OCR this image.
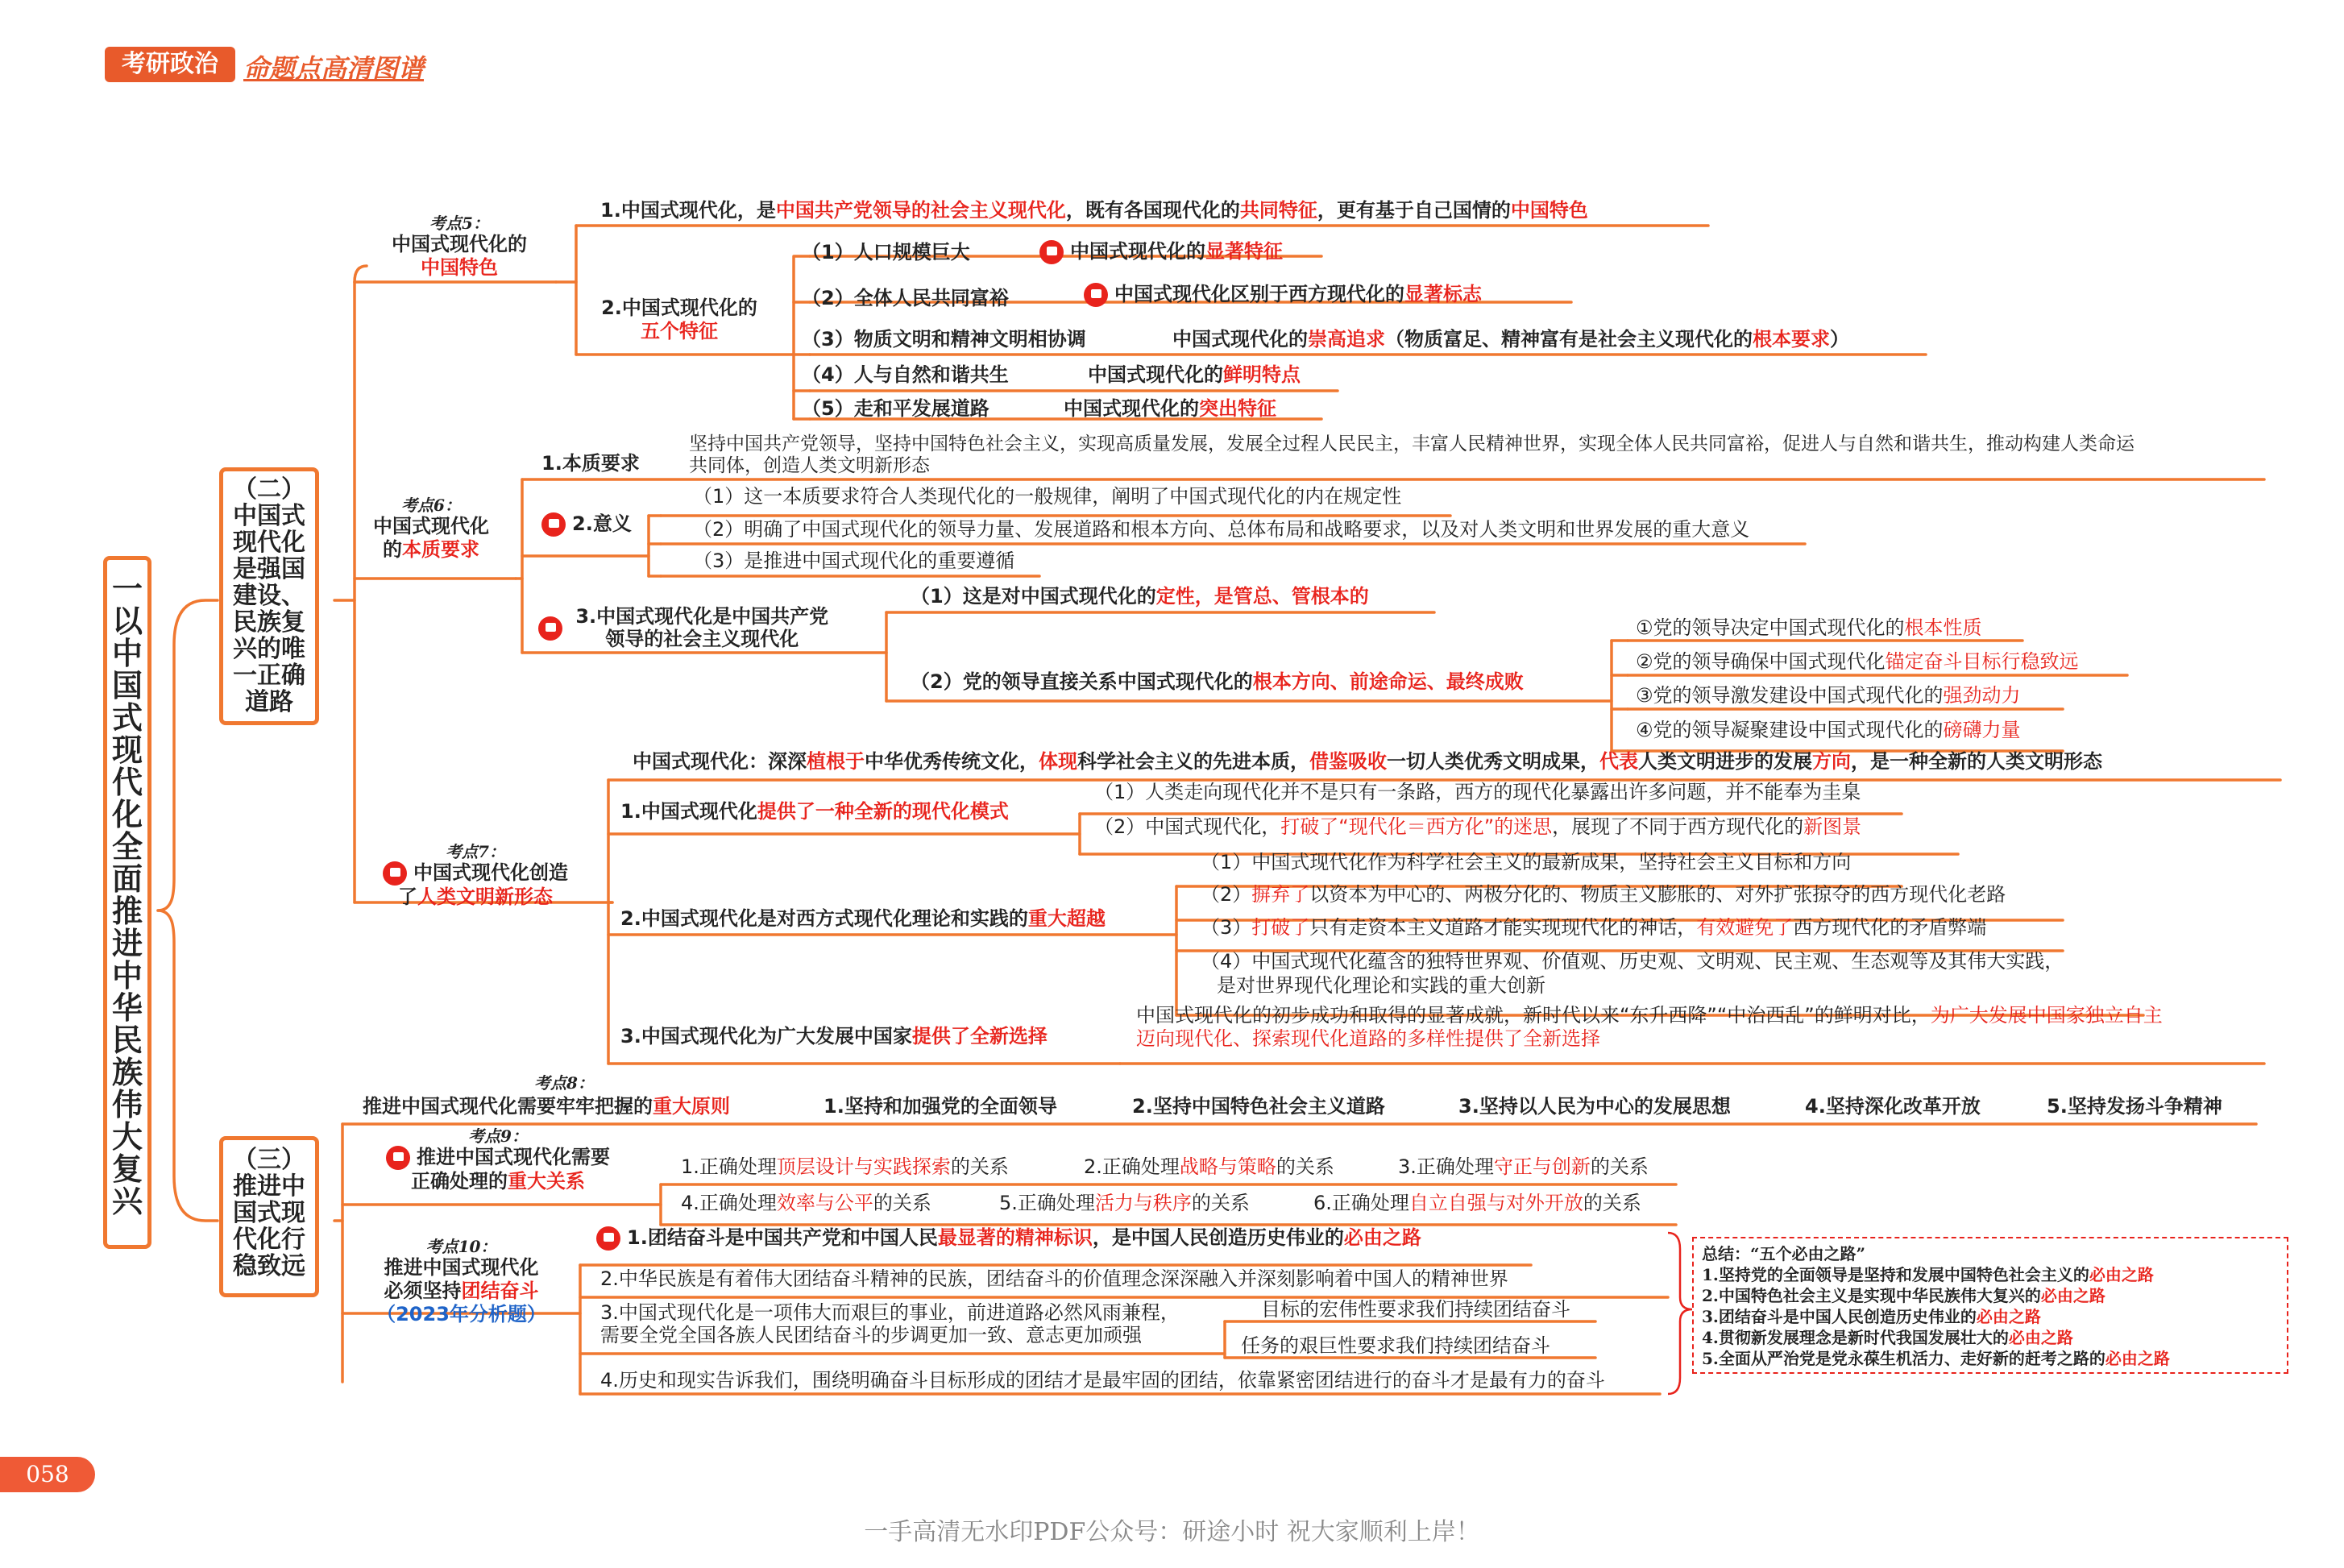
考研政治 命题点高清图谱
一　以中国式现代化全面推进中华民族伟大复兴
（二）中国式现代化是强国建设、民族复兴的唯一正确道路
（三）推进中国式现代化行稳致远
考点5：
中国式现代化的
中国特色
1.中国式现代化，是中国共产党领导的社会主义现代化，既有各国现代化的共同特征，更有基于自己国情的中国特色
2.中国式现代化的
五个特征
（1）人口规模巨大	中国式现代化的显著特征
（2）全体人民共同富裕	中国式现代化区别于西方现代化的显著标志
（3）物质文明和精神文明相协调	中国式现代化的崇高追求（物质富足、精神富有是社会主义现代化的根本要求）
（4）人与自然和谐共生	中国式现代化的鲜明特点
（5）走和平发展道路	中国式现代化的突出特征
考点6：
中国式现代化
的本质要求
1.本质要求
坚持中国共产党领导，坚持中国特色社会主义，实现高质量发展，发展全过程人民民主，丰富人民精神世界，实现全体人民共同富裕，促进人与自然和谐共生，推动构建人类命运
共同体，创造人类文明新形态
2.意义
（1）这一本质要求符合人类现代化的一般规律，阐明了中国式现代化的内在规定性
（2）明确了中国式现代化的领导力量、发展道路和根本方向、总体布局和战略要求，以及对人类文明和世界发展的重大意义
（3）是推进中国式现代化的重要遵循
3.中国式现代化是中国共产党
领导的社会主义现代化
（1）这是对中国式现代化的定性，是管总、管根本的
（2）党的领导直接关系中国式现代化的根本方向、前途命运、最终成败
①党的领导决定中国式现代化的根本性质
②党的领导确保中国式现代化锚定奋斗目标行稳致远
③党的领导激发建设中国式现代化的强劲动力
④党的领导凝聚建设中国式现代化的磅礴力量
考点7：
中国式现代化创造
了人类文明新形态
中国式现代化：深深植根于中华优秀传统文化，体现科学社会主义的先进本质，借鉴吸收一切人类优秀文明成果，代表人类文明进步的发展方向，是一种全新的人类文明形态
1.中国式现代化提供了一种全新的现代化模式
（1）人类走向现代化并不是只有一条路，西方的现代化暴露出许多问题，并不能奉为圭臬
（2）中国式现代化，打破了“现代化＝西方化”的迷思，展现了不同于西方现代化的新图景
2.中国式现代化是对西方式现代化理论和实践的重大超越
（1）中国式现代化作为科学社会主义的最新成果，坚持社会主义目标和方向
（2）摒弃了以资本为中心的、两极分化的、物质主义膨胀的、对外扩张掠夺的西方现代化老路
（3）打破了只有走资本主义道路才能实现现代化的神话，有效避免了西方现代化的矛盾弊端
（4）中国式现代化蕴含的独特世界观、价值观、历史观、文明观、民主观、生态观等及其伟大实践，
是对世界现代化理论和实践的重大创新
3.中国式现代化为广大发展中国家提供了全新选择
中国式现代化的初步成功和取得的显著成就，新时代以来“东升西降”“中治西乱”的鲜明对比，为广大发展中国家独立自主
迈向现代化、探索现代化道路的多样性提供了全新选择
考点8：
推进中国式现代化需要牢牢把握的重大原则	1.坚持和加强党的全面领导	2.坚持中国特色社会主义道路	3.坚持以人民为中心的发展思想	4.坚持深化改革开放	5.坚持发扬斗争精神
考点9：
推进中国式现代化需要
正确处理的重大关系
1.正确处理顶层设计与实践探索的关系	2.正确处理战略与策略的关系	3.正确处理守正与创新的关系
4.正确处理效率与公平的关系	5.正确处理活力与秩序的关系	6.正确处理自立自强与对外开放的关系
考点10：
推进中国式现代化
必须坚持团结奋斗
（2023年分析题）
1.团结奋斗是中国共产党和中国人民最显著的精神标识，是中国人民创造历史伟业的必由之路
2.中华民族是有着伟大团结奋斗精神的民族，团结奋斗的价值理念深深融入并深刻影响着中国人的精神世界
3.中国式现代化是一项伟大而艰巨的事业，前进道路必然风雨兼程，
需要全党全国各族人民团结奋斗的步调更加一致、意志更加顽强
目标的宏伟性要求我们持续团结奋斗
任务的艰巨性要求我们持续团结奋斗
4.历史和现实告诉我们，围绕明确奋斗目标形成的团结才是最牢固的团结，依靠紧密团结进行的奋斗才是最有力的奋斗
总结：“五个必由之路”
1.坚持党的全面领导是坚持和发展中国特色社会主义的必由之路
2.中国特色社会主义是实现中华民族伟大复兴的必由之路
3.团结奋斗是中国人民创造历史伟业的必由之路
4.贯彻新发展理念是新时代我国发展壮大的必由之路
5.全面从严治党是党永葆生机活力、走好新的赶考之路的必由之路
058
一手高清无水印PDF公众号：研途小时 祝大家顺利上岸！
